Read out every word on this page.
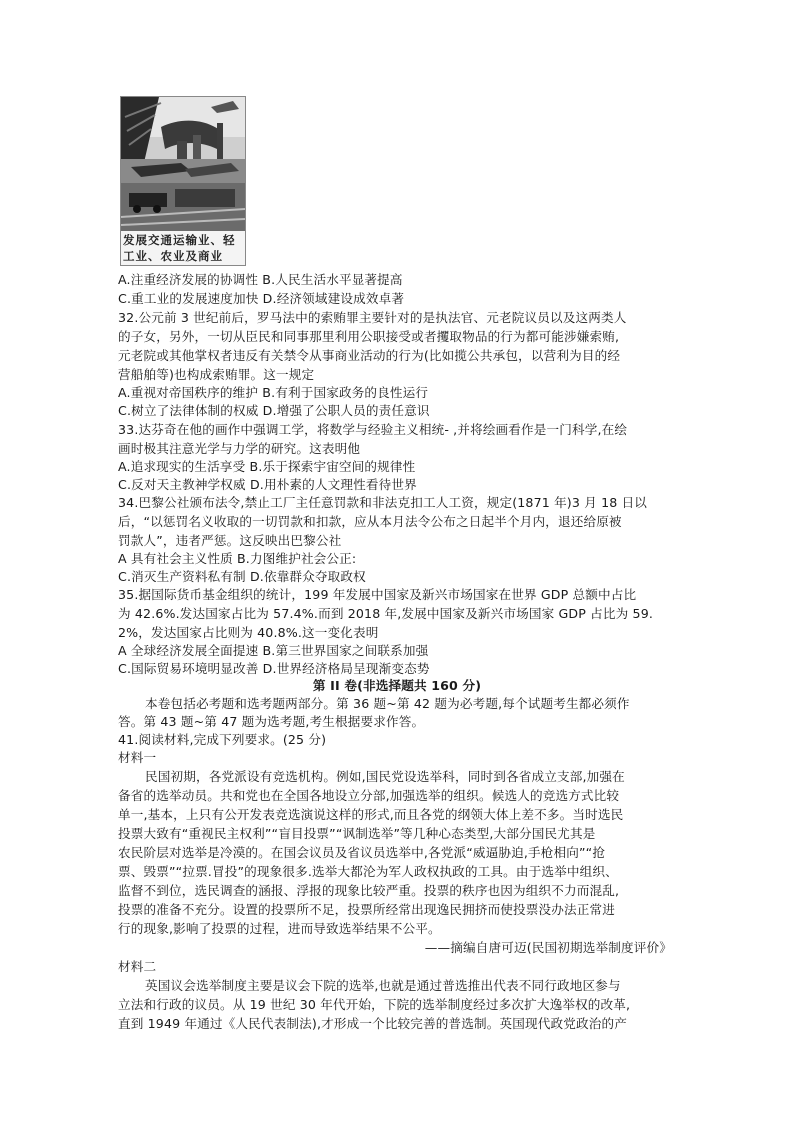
发展交通运输业、轻
工业、农业及商业
A.注重经济发展的协调性 B.人民生活水平显著提高
C.重工业的发展速度加快 D.经济领域建设成效卓著
32.公元前 3 世纪前后，罗马法中的索贿罪主要针对的是执法官、元老院议员以及这两类人
的子女，另外，一切从臣民和同事那里利用公职接受或者攫取物品的行为都可能涉嫌索贿,
元老院或其他掌权者违反有关禁令从事商业活动的行为(比如揽公共承包，以营利为目的经
营船舶等)也构成索贿罪。这一规定
A.重视对帝国秩序的维护 B.有利于国家政务的良性运行
C.树立了法律体制的权威 D.增强了公职人员的责任意识
33.达芬奇在他的画作中强调工学，将数学与经验主义相统- ,并将绘画看作是一门科学,在绘
画时极其注意光学与力学的研究。这表明他
A.追求现实的生活享受 B.乐于探索宇宙空间的规律性
C.反对天主教神学权威 D.用朴素的人文理性看待世界
34.巴黎公社颁布法令,禁止工厂主任意罚款和非法克扣工人工资，规定(1871 年)3 月 18 日以
后，“以惩罚名义收取的一切罚款和扣款，应从本月法令公布之日起半个月内，退还给原被
罚款人”，违者严惩。这反映出巴黎公社
A 具有社会主义性质 B.力图维护社会公正:
C.消灭生产资料私有制 D.依靠群众夺取政权
35.据国际货币基金组织的统计，199 年发展中国家及新兴市场国家在世界 GDP 总额中占比
为 42.6%.发达国家占比为 57.4%.而到 2018 年,发展中国家及新兴市场国家 GDP 占比为 59.
2%，发达国家占比则为 40.8%.这一变化表明
A 全球经济发展全面提速 B.第三世界国家之间联系加强
C.国际贸易环境明显改善 D.世界经济格局呈现渐变态势
第 II 卷(非选择题共 160 分)
本卷包括必考题和选考题两部分。第 36 题~第 42 题为必考题,每个试题考生都必须作
答。第 43 题~第 47 题为选考题,考生根据要求作答。
41.阅读材料,完成下列要求。(25 分)
材料一
民国初期，各党派设有竞选机构。例如,国民党设选举科，同时到各省成立支部,加强在
备省的选举动员。共和党也在全国各地设立分部,加强选举的组织。候选人的竞选方式比较
单一,基本，上只有公开发表竞选演说这样的形式,而且各党的纲领大体上差不多。当时选民
投票大致有“重视民主权利”“盲目投票”“讽制选举”等几种心态类型,大部分国民尤其是
农民阶层对选举是冷漠的。在国会议员及省议员选举中,各党派“威逼胁迫,手枪相向”“抢
票、毁票”“拉票.冒投”的现象很多.选举大都沦为军人政权执政的工具。由于选举中组织、
监督不到位，选民调查的涵报、浮报的现象比较严重。投票的秩序也因为组织不力而混乱,
投票的准备不充分。设置的投票所不足，投票所经常出现逸民拥挤而使投票没办法正常进
行的现象,影响了投票的过程，进而导致选举结果不公平。
——摘编自唐可迈(民国初期选举制度评价》
材料二
英国议会选举制度主要是议会下院的选举,也就是通过普选推出代表不同行政地区参与
立法和行政的议员。从 19 世纪 30 年代开始，下院的选举制度经过多次扩大逸举权的改革,
直到 1949 年通过《人民代表制法),才形成一个比较完善的普选制。英国现代政党政治的产
